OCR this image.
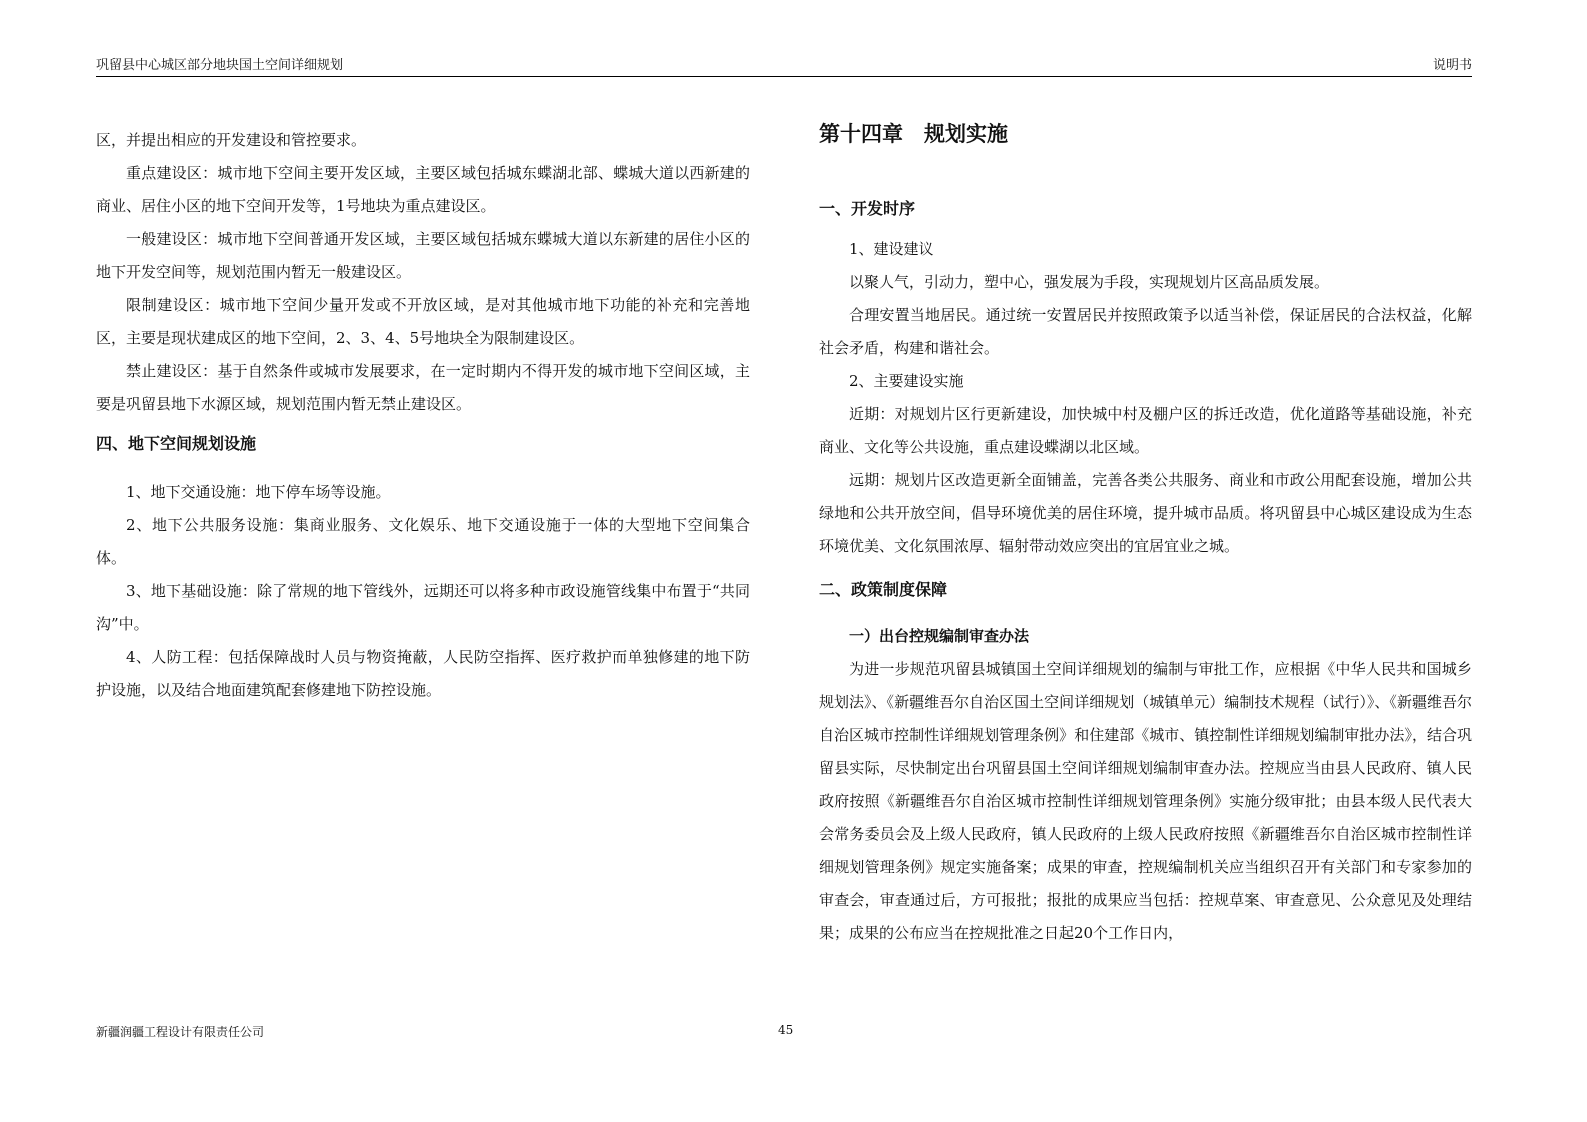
巩留县中心城区部分地块国土空间详细规划	说明书

区，并提出相应的开发建设和管控要求。

重点建设区：城市地下空间主要开发区域，主要区域包括城东蝶湖北部、蝶城大道以西新建的商业、居住小区的地下空间开发等，1号地块为重点建设区。

一般建设区：城市地下空间普通开发区域，主要区域包括城东蝶城大道以东新建的居住小区的地下开发空间等，规划范围内暂无一般建设区。

限制建设区：城市地下空间少量开发或不开放区域，是对其他城市地下功能的补充和完善地区，主要是现状建成区的地下空间，2、3、4、5号地块全为限制建设区。

禁止建设区：基于自然条件或城市发展要求，在一定时期内不得开发的城市地下空间区域，主要是巩留县地下水源区域，规划范围内暂无禁止建设区。

四、地下空间规划设施

1、地下交通设施：地下停车场等设施。

2、地下公共服务设施：集商业服务、文化娱乐、地下交通设施于一体的大型地下空间集合体。

3、地下基础设施：除了常规的地下管线外，远期还可以将多种市政设施管线集中布置于“共同沟”中。

4、人防工程：包括保障战时人员与物资掩蔽，人民防空指挥、医疗救护而单独修建的地下防护设施，以及结合地面建筑配套修建地下防控设施。

第十四章　规划实施

一、开发时序

1、建设建议

以聚人气，引动力，塑中心，强发展为手段，实现规划片区高品质发展。

合理安置当地居民。通过统一安置居民并按照政策予以适当补偿，保证居民的合法权益，化解社会矛盾，构建和谐社会。

2、主要建设实施

近期：对规划片区行更新建设，加快城中村及棚户区的拆迁改造，优化道路等基础设施，补充商业、文化等公共设施，重点建设蝶湖以北区域。

远期：规划片区改造更新全面铺盖，完善各类公共服务、商业和市政公用配套设施，增加公共绿地和公共开放空间，倡导环境优美的居住环境，提升城市品质。将巩留县中心城区建设成为生态环境优美、文化氛围浓厚、辐射带动效应突出的宜居宜业之城。

二、政策制度保障

一）出台控规编制审查办法

为进一步规范巩留县城镇国土空间详细规划的编制与审批工作，应根据《中华人民共和国城乡规划法》、《新疆维吾尔自治区国土空间详细规划（城镇单元）编制技术规程（试行）》、《新疆维吾尔自治区城市控制性详细规划管理条例》和住建部《城市、镇控制性详细规划编制审批办法》，结合巩留县实际，尽快制定出台巩留县国土空间详细规划编制审查办法。控规应当由县人民政府、镇人民政府按照《新疆维吾尔自治区城市控制性详细规划管理条例》实施分级审批；由县本级人民代表大会常务委员会及上级人民政府，镇人民政府的上级人民政府按照《新疆维吾尔自治区城市控制性详细规划管理条例》规定实施备案；成果的审查，控规编制机关应当组织召开有关部门和专家参加的审查会，审查通过后，方可报批；报批的成果应当包括：控规草案、审查意见、公众意见及处理结果；成果的公布应当在控规批准之日起20个工作日内，

新疆润疆工程设计有限责任公司	45
